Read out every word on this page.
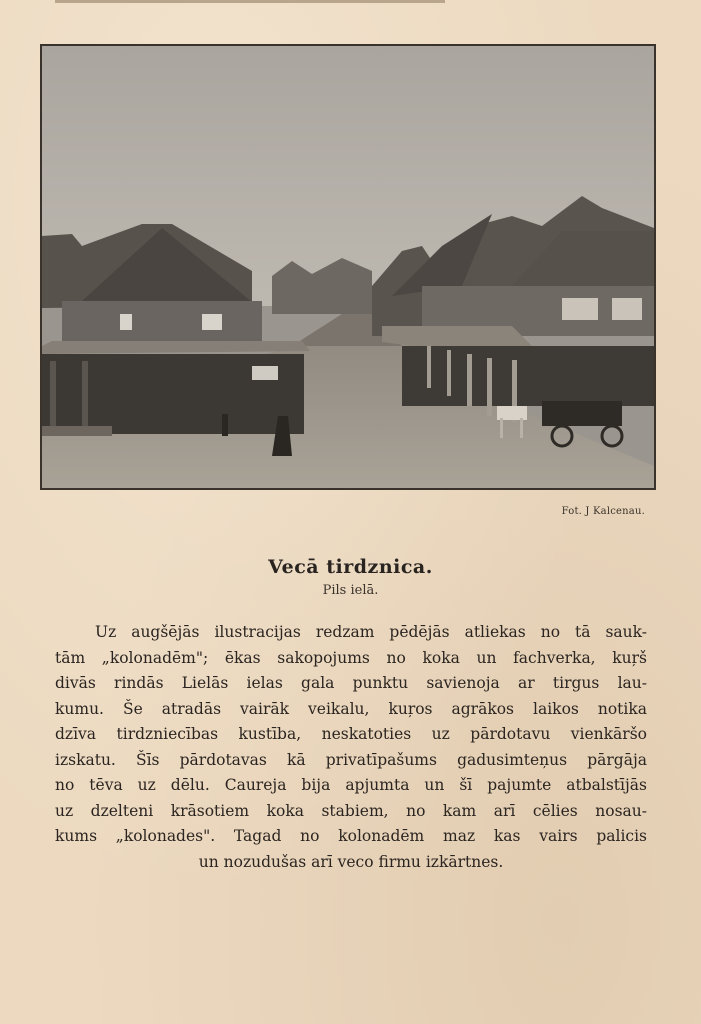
Fot. J Kalcenau.
Vecā tirdznica.
Pils ielā.
Uz augšējās ilustracijas redzam pēdējās atliekas no tā sauk-
tām „kolonadēm"; ēkas sakopojums no koka un fachverka, kuŗš
divās rindās Lielās ielas gala punktu savienoja ar tirgus lau-
kumu. Še atradās vairāk veikalu, kuŗos agrākos laikos notika
dzīva tirdzniecības kustība, neskatoties uz pārdotavu vienkāršo
izskatu. Šīs pārdotavas kā privatīpašums gadusimteņus pārgāja
no tēva uz dēlu. Caureja bija apjumta un šī pajumte atbalstījās
uz dzelteni krāsotiem koka stabiem, no kam arī cēlies nosau-
kums „kolonades". Tagad no kolonadēm maz kas vairs palicis
un nozudušas arī veco firmu izkārtnes.
